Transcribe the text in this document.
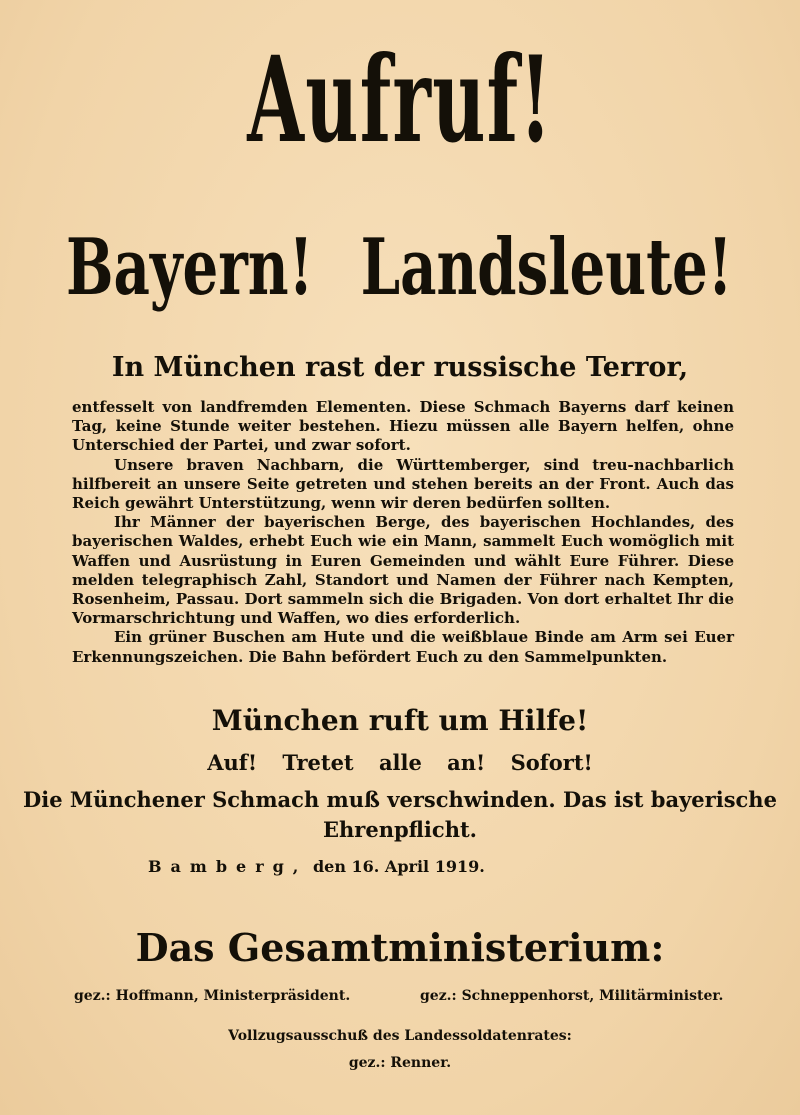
Aufruf!
Bayern! Landsleute!
In München rast der russische Terror,

entfesselt von landfremden Elementen. Diese Schmach Bayerns darf keinen Tag, keine Stunde weiter bestehen. Hiezu müssen alle Bayern helfen, ohne Unterschied der Partei, und zwar sofort.

Unsere braven Nachbarn, die Württemberger, sind treu-nachbarlich hilfbereit an unsere Seite getreten und stehen bereits an der Front. Auch das Reich gewährt Unterstützung, wenn wir deren bedürfen sollten.

Ihr Männer der bayerischen Berge, des bayerischen Hochlandes, des bayerischen Waldes, erhebt Euch wie ein Mann, sammelt Euch womöglich mit Waffen und Ausrüstung in Euren Gemeinden und wählt Eure Führer. Diese melden telegraphisch Zahl, Standort und Namen der Führer nach Kempten, Rosenheim, Passau. Dort sammeln sich die Brigaden. Von dort erhaltet Ihr die Vormarschrichtung und Waffen, wo dies erforderlich.

Ein grüner Buschen am Hute und die weißblaue Binde am Arm sei Euer Erkennungszeichen. Die Bahn befördert Euch zu den Sammelpunkten.

München ruft um Hilfe!
Auf! Tretet alle an! Sofort!
Die Münchener Schmach muß verschwinden. Das ist bayerische
Ehrenpflicht.
Bamberg, den 16. April 1919.
Das Gesamtministerium:
gez.: Hoffmann, Ministerpräsident.	gez.: Schneppenhorst, Militärminister.
Vollzugsausschuß des Landessoldatenrates:
gez.: Renner.
